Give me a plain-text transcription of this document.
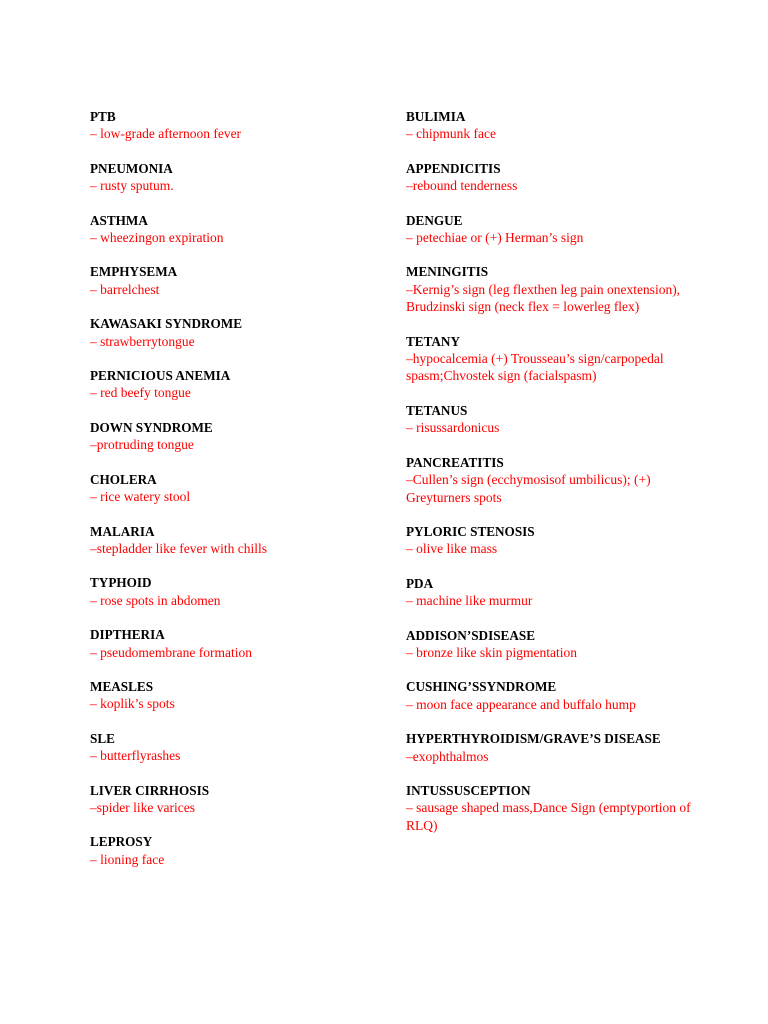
PTB
– low-grade afternoon fever
PNEUMONIA
– rusty sputum.
ASTHMA
– wheezingon expiration
EMPHYSEMA
– barrelchest
KAWASAKI SYNDROME
– strawberrytongue
PERNICIOUS ANEMIA
– red beefy tongue
DOWN SYNDROME
–protruding tongue
CHOLERA
– rice watery stool
MALARIA
–stepladder like fever with chills
TYPHOID
– rose spots in abdomen
DIPTHERIA
– pseudomembrane formation
MEASLES
– koplik’s spots
SLE
– butterflyrashes
LIVER CIRRHOSIS
–spider like varices
LEPROSY
– lioning face
BULIMIA
– chipmunk face
APPENDICITIS
–rebound tenderness
DENGUE
– petechiae or (+) Herman’s sign
MENINGITIS
–Kernig’s sign (leg flexthen leg pain onextension), Brudzinski sign (neck flex = lowerleg flex)
TETANY
–hypocalcemia (+) Trousseau’s sign/carpopedal spasm;Chvostek sign (facialspasm)
TETANUS
– risussardonicus
PANCREATITIS
–Cullen’s sign (ecchymosisof umbilicus); (+) Greyturners spots
PYLORIC STENOSIS
– olive like mass
PDA
– machine like murmur
ADDISON’SDISEASE
– bronze like skin pigmentation
CUSHING’SSYNDROME
– moon face appearance and buffalo hump
HYPERTHYROIDISM/GRAVE’S DISEASE
–exophthalmos
INTUSSUSCEPTION
– sausage shaped mass,Dance Sign (emptyportion of RLQ)
